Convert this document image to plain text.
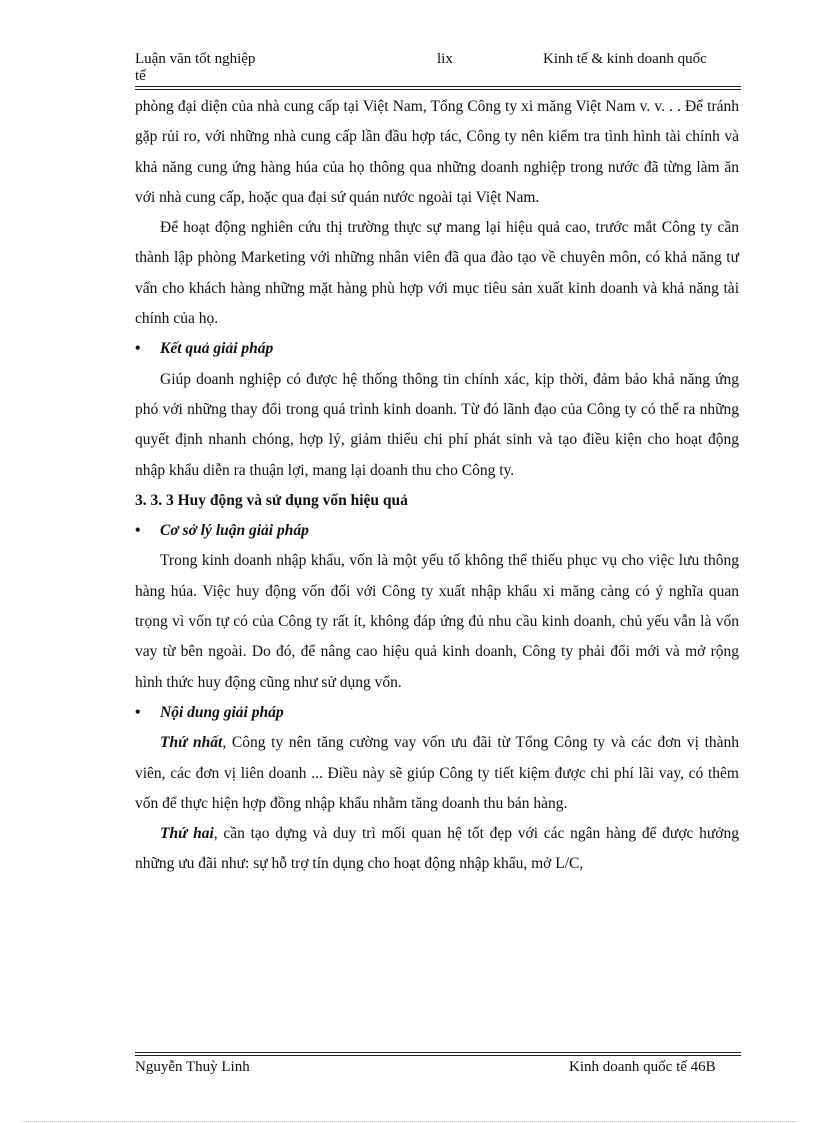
Luận văn tốt nghiệp
tế
lix	Kinh tế & kinh doanh quốc

phòng đại diện của nhà cung cấp tại Việt Nam, Tổng Công ty xi măng Việt Nam v. v. . . Để tránh gặp rủi ro, với những nhà cung cấp lần đầu hợp tác, Công ty nên kiểm tra tình hình tài chính và khả năng cung ứng hàng húa của họ thông qua những doanh nghiệp trong nước đã từng làm ăn với nhà cung cấp, hoặc qua đại sứ quán nước ngoài tại Việt Nam.

Để hoạt động nghiên cứu thị trường thực sự mang lại hiệu quả cao, trước mắt Công ty cần thành lập phòng Marketing với những nhân viên đã qua đào tạo về chuyên môn, có khả năng tư vấn cho khách hàng những mặt hàng phù hợp với mục tiêu sản xuất kinh doanh và khả năng tài chính của họ.

• Kết quả giải pháp

Giúp doanh nghiệp có được hệ thống thông tin chính xác, kịp thời, đảm bảo khả năng ứng phó với những thay đổi trong quá trình kinh doanh. Từ đó lãnh đạo của Công ty có thể ra những quyết định nhanh chóng, hợp lý, giảm thiểu chi phí phát sinh và tạo điều kiện cho hoạt động nhập khẩu diễn ra thuận lợi, mang lại doanh thu cho Công ty.

3. 3. 3 Huy động và sử dụng vốn hiệu quả
• Cơ sở lý luận giải pháp

Trong kinh doanh nhập khẩu, vốn là một yếu tố không thể thiếu phục vụ cho việc lưu thông hàng húa. Việc huy động vốn đối với Công ty xuất nhập khẩu xi măng càng có ý nghĩa quan trọng vì vốn tự có của Công ty rất ít, không đáp ứng đủ nhu cầu kinh doanh, chủ yếu vẫn là vốn vay từ bên ngoài. Do đó, để nâng cao hiệu quả kinh doanh, Công ty phải đổi mới và mở rộng hình thức huy động cũng như sử dụng vốn.

• Nội dung giải pháp

Thứ nhất, Công ty nên tăng cường vay vốn ưu đãi từ Tổng Công ty và các đơn vị thành viên, các đơn vị liên doanh ... Điều này sẽ giúp Công ty tiết kiệm được chi phí lãi vay, có thêm vốn để thực hiện hợp đồng nhập khẩu nhằm tăng doanh thu bán hàng.

Thứ hai, cần tạo dựng và duy trì mối quan hệ tốt đẹp với các ngân hàng để được hưởng những ưu đãi như: sự hỗ trợ tín dụng cho hoạt động nhập khẩu, mở L/C,

Nguyễn Thuỳ Linh	Kinh doanh quốc tế 46B
